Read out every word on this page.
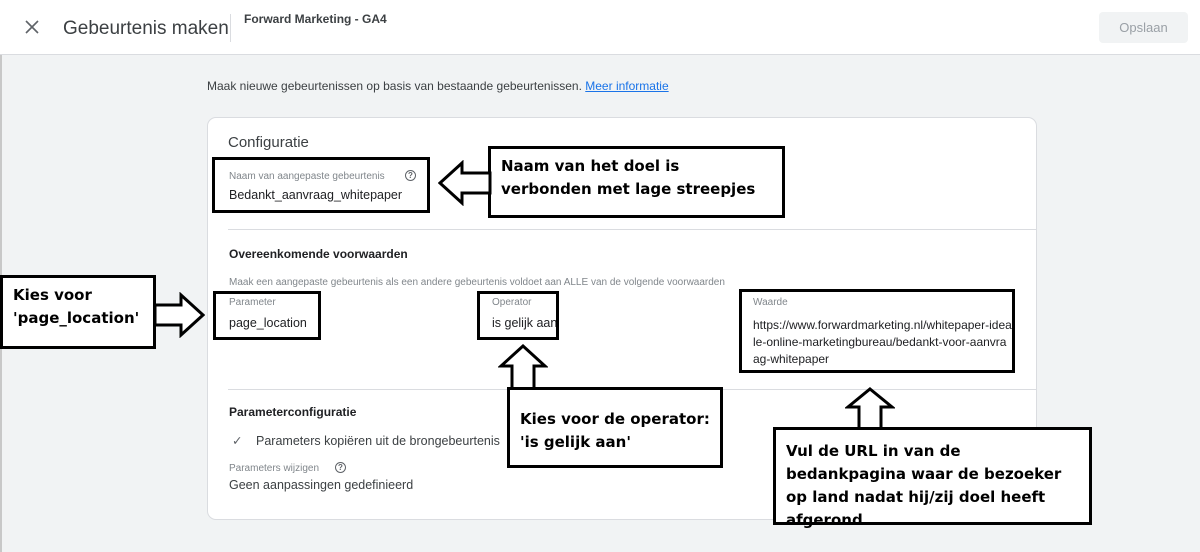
Gebeurtenis maken Forward Marketing - GA4
Opslaan
Maak nieuwe gebeurtenissen op basis van bestaande gebeurtenissen. Meer informatie
Configuratie
Naam van aangepaste gebeurtenis	?
Bedankt_aanvraag_whitepaper
Overeenkomende voorwaarden
Maak een aangepaste gebeurtenis als een andere gebeurtenis voldoet aan ALLE van de volgende voorwaarden
Parameter
page_location
Operator
is gelijk aan
Waarde
https://www.forwardmarketing.nl/whitepaper-ideale-online-marketingbureau/bedankt-voor-aanvraag-whitepaper
Parameterconfiguratie
✓ Parameters kopiëren uit de brongebeurtenis
Parameters wijzigen	?
Geen aanpassingen gedefinieerd
Naam van het doel is verbonden met lage streepjes
Kies voor 'page_location'
Kies voor de operator: 'is gelijk aan'	Vul de URL in van de bedankpagina waar de bezoeker op land nadat hij/zij doel heeft afgerond
